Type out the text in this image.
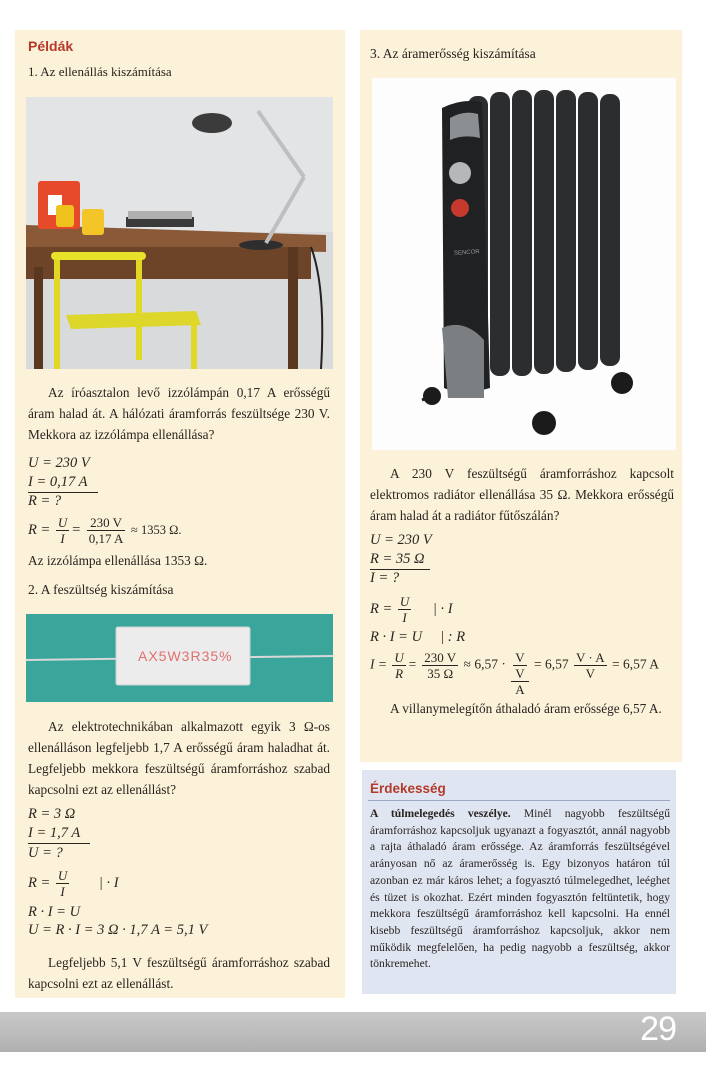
Példák
1. Az ellenállás kiszámítása

Az íróasztalon levő izzólámpán 0,17 A erősségű áram halad át. A hálózati áramforrás feszültsége 230 V. Mekkora az izzólámpa ellenállása?

U = 230 V
I = 0,17 A
R = ?
$R = \frac{U}{I} = \frac{230 V}{0,17 A} \approx 1353$ Ω.

Az izzólámpa ellenállása 1353 Ω.

2. A feszültség kiszámítása
AX5W3R35%

Az elektrotechnikában alkalmazott egyik 3 Ω-os ellenálláson legfeljebb 1,7 A erősségű áram haladhat át. Legfeljebb mekkora feszültségű áramforráshoz szabad kapcsolni ezt az ellenállást?

R = 3 Ω
I = 1,7 A
U = ?
$R = \frac{U}{I}$ | · I
R · I = U
U = R · I = 3 Ω · 1,7 A = 5,1 V

Legfeljebb 5,1 V feszültségű áramforráshoz szabad kapcsolni ezt az ellenállást.

3. Az áramerősség kiszámítása
SENCOR

A 230 V feszültségű áramforráshoz kapcsolt elektromos radiátor ellenállása 35 Ω. Mekkora erősségű áram halad át a radiátor fűtőszálán?

U = 230 V
R = 35 Ω
I = ?
$R = \frac{U}{I}$ | · I
R · I = U     | : R
$I = \frac{U}{R} = \frac{230 V}{35 \Omega} \approx 6,57 \cdot \frac{\frac{V}{V}}{A} = 6,57 \frac{V \cdot A}{V} = 6,57$ A

A villanymelegítőn áthaladó áram erőssége 6,57 A.

Érdekesség

A túlmelegedés veszélye. Minél nagyobb feszültségű áramforráshoz kapcsoljuk ugyanazt a fogyasztót, annál nagyobb a rajta áthaladó áram erőssége. Az áramforrás feszültségével arányosan nő az áramerősség is. Egy bizonyos határon túl azonban ez már káros lehet; a fogyasztó túlmelegedhet, leéghet és tüzet is okozhat. Ezért minden fogyasztón feltüntetik, hogy mekkora feszültségű áramforráshoz kell kapcsolni. Ha ennél kisebb feszültségű áramforráshoz kapcsoljuk, akkor nem működik megfelelően, ha pedig nagyobb a feszültség, akkor tönkremehet.

29
